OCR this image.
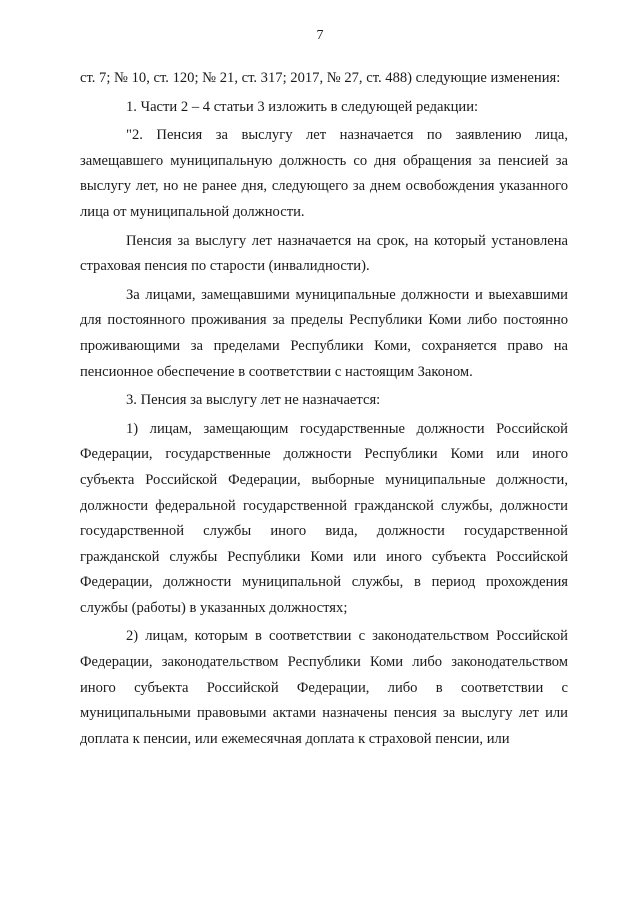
7

ст. 7; № 10, ст. 120; № 21, ст. 317; 2017, № 27, ст. 488) следующие изменения:

1. Части 2 – 4 статьи 3 изложить в следующей редакции:

"2. Пенсия за выслугу лет назначается по заявлению лица, замещавшего муниципальную должность со дня обращения за пенсией за выслугу лет, но не ранее дня, следующего за днем освобождения указанного лица от муниципальной должности.

Пенсия за выслугу лет назначается на срок, на который установлена страховая пенсия по старости (инвалидности).

За лицами, замещавшими муниципальные должности и выехавшими для постоянного проживания за пределы Республики Коми либо постоянно проживающими за пределами Республики Коми, сохраняется право на пенсионное обеспечение в соответствии с настоящим Законом.

3. Пенсия за выслугу лет не назначается:

1) лицам, замещающим государственные должности Российской Федерации, государственные должности Республики Коми или иного субъекта Российской Федерации, выборные муниципальные должности, должности федеральной государственной гражданской службы, должности государственной службы иного вида, должности государственной гражданской службы Республики Коми или иного субъекта Российской Федерации, должности муниципальной службы, в период прохождения службы (работы) в указанных должностях;

2) лицам, которым в соответствии с законодательством Российской Федерации, законодательством Республики Коми либо законодательством иного субъекта Российской Федерации, либо в соответствии с муниципальными правовыми актами назначены пенсия за выслугу лет или доплата к пенсии, или ежемесячная доплата к страховой пенсии, или
